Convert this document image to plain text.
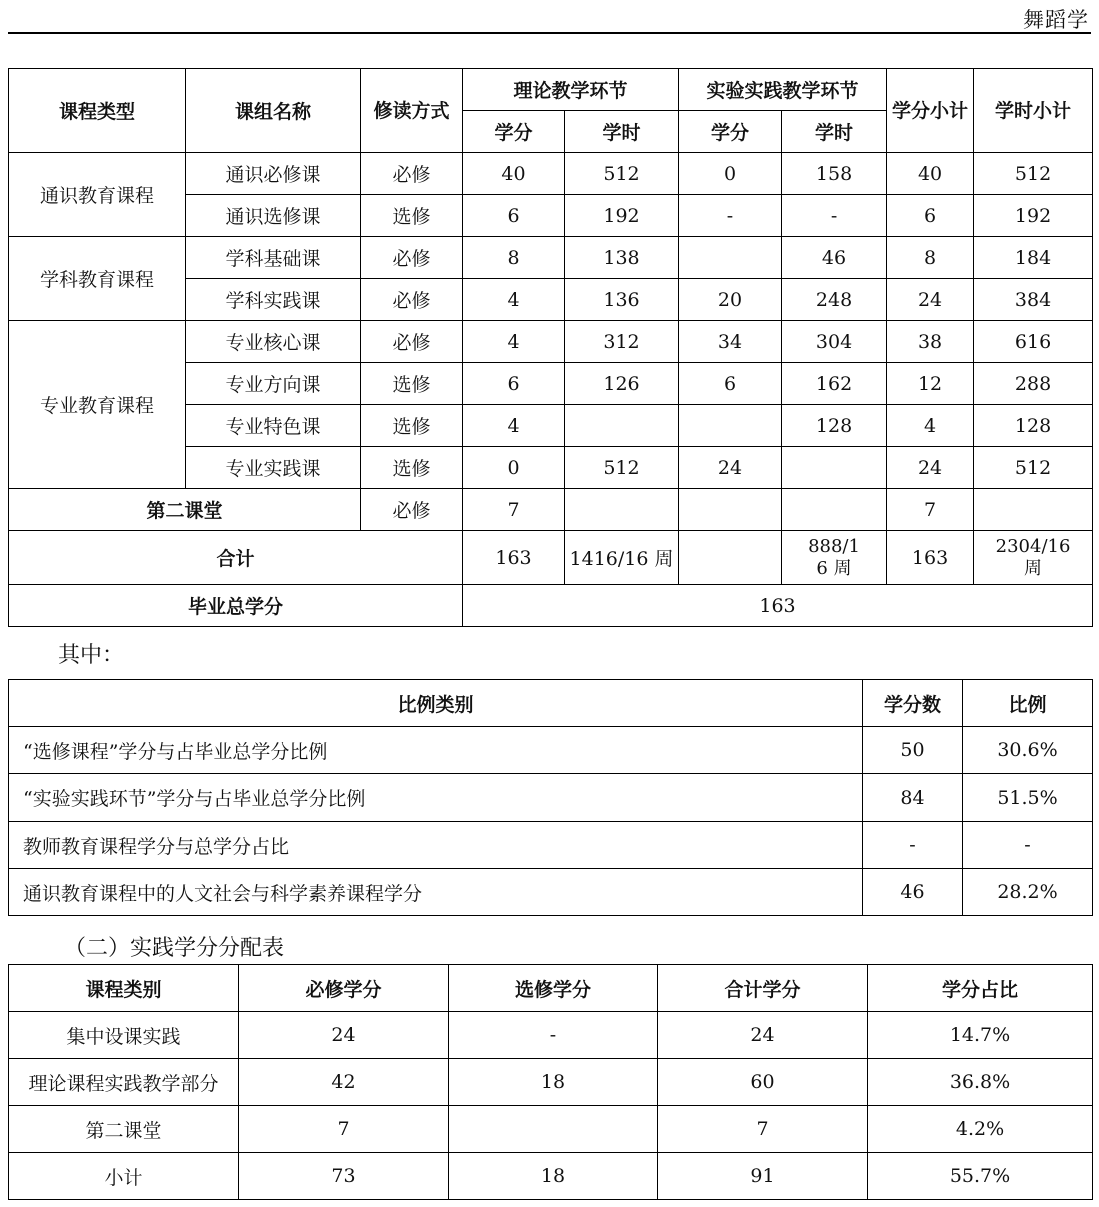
舞蹈学
课程类型	课组名称	修读方式	理论教学环节		实验实践教学环节		学分小计	学时小计
			学分	学时	学分	学时		
通识教育课程	通识必修课	必修	40	512	0	158	40	512
	通识选修课	选修	6	192	-	-	6	192
学科教育课程	学科基础课	必修	8	138		46	8	184
	学科实践课	必修	4	136	20	248	24	384
专业教育课程	专业核心课	必修	4	312	34	304	38	616
	专业方向课	选修	6	126	6	162	12	288
	专业特色课	选修	4			128	4	128
	专业实践课	选修	0	512	24		24	512
第二课堂		必修	7				7	
合计			163	1416/16 周		888/16 周	163	2304/16 周

毕业总学分			163					
其中：
比例类别	学分数	比例
“选修课程”学分与占毕业总学分比例	50	30.6%
“实验实践环节”学分与占毕业总学分比例	84	51.5%
教师教育课程学分与总学分占比	-	-
通识教育课程中的人文社会与科学素养课程学分	46	28.2%
（二）实践学分分配表
课程类别	必修学分	选修学分	合计学分	学分占比
集中设课实践	24	-	24	14.7%
理论课程实践教学部分	42	18	60	36.8%
第二课堂	7		7	4.2%
小计	73	18	91	55.7%
